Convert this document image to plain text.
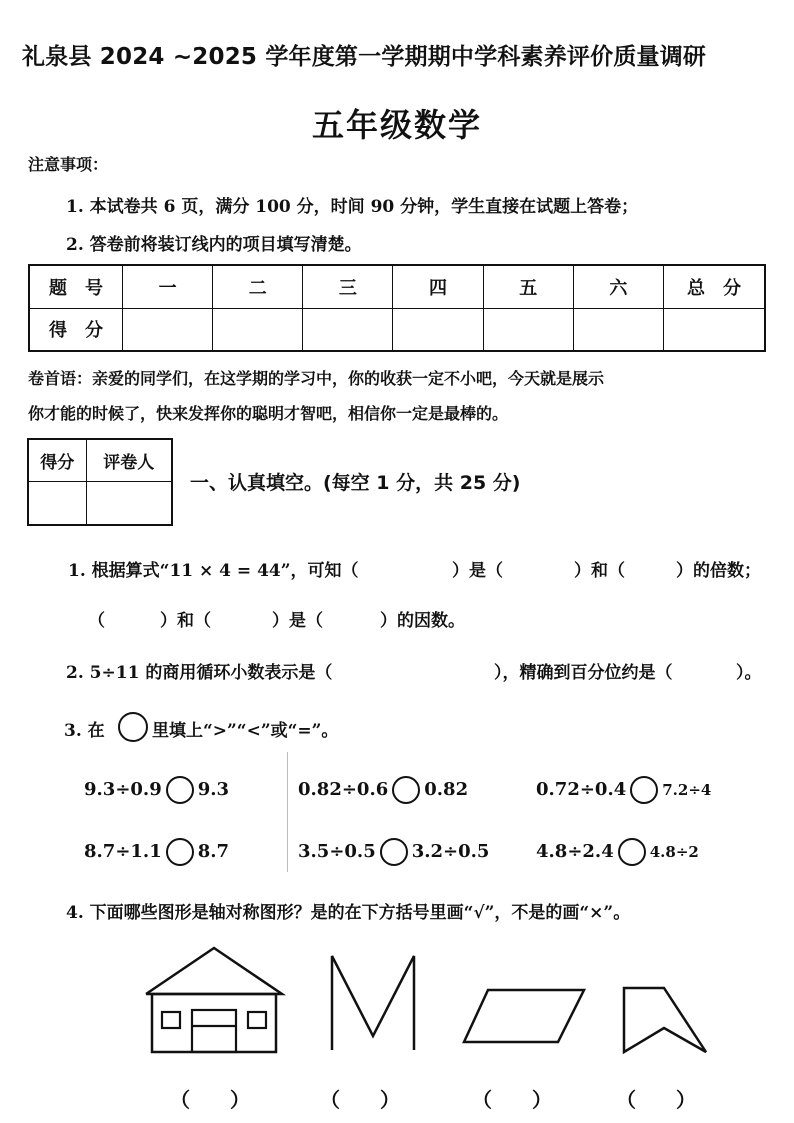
礼泉县 2024 ~2025 学年度第一学期期中学科素养评价质量调研
五年级数学
注意事项：
1. 本试卷共 6 页，满分 100 分，时间 90 分钟，学生直接在试题上答卷；
2. 答卷前将装订线内的项目填写清楚。
题　号	一	二	三	四	五	六	总　分
得　分							
卷首语：亲爱的同学们，在这学期的学习中，你的收获一定不小吧，今天就是展示
你才能的时候了，快来发挥你的聪明才智吧，相信你一定是最棒的。
得分	评卷人

一、认真填空。(每空 1 分，共 25 分)
1. 根据算式“11 × 4 = 44”，可知（	）是（	）和（	）的倍数；
（	）和（	）是（	）的因数。
2. 5÷11 的商用循环小数表示是（	），精确到百分位约是（	）。
3. 在	里填上“>”“<”或“=”。
9.3÷0.9 9.3	0.82÷0.6 0.82	0.72÷0.4 7.2÷4
8.7÷1.1 8.7	3.5÷0.5 3.2÷0.5	4.8÷2.4 4.8÷2
4. 下面哪些图形是轴对称图形？是的在下方括号里画“√”，不是的画“×”。
（　　）	（　　）	（　　）	（　　）
